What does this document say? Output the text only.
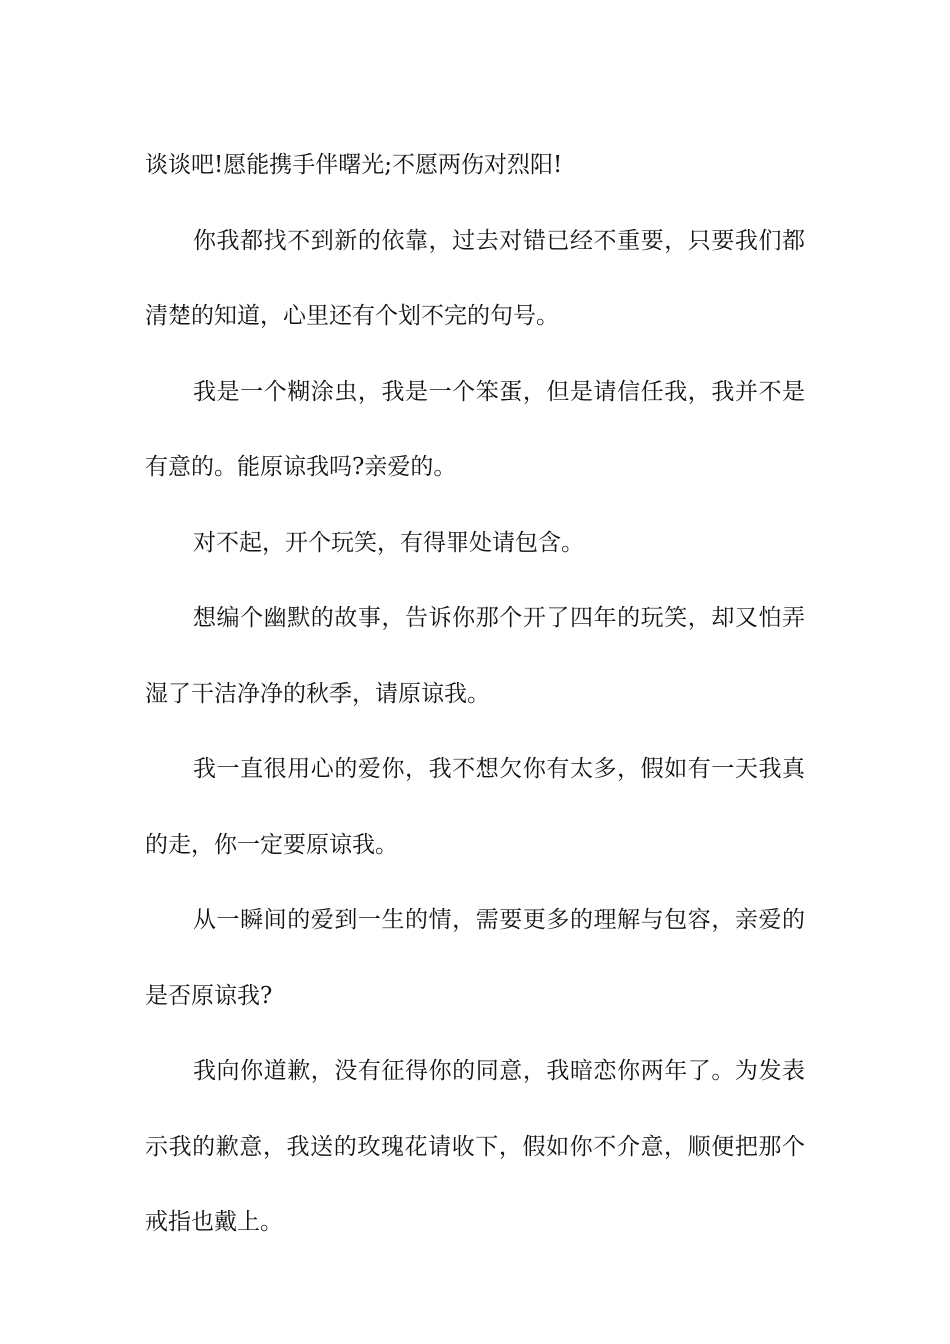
谈谈吧!愿能携手伴曙光;不愿两伤对烈阳!

你我都找不到新的依靠，过去对错已经不重要，只要我们都清楚的知道，心里还有个划不完的句号。

我是一个糊涂虫，我是一个笨蛋，但是请信任我，我并不是有意的。能原谅我吗?亲爱的。

对不起，开个玩笑，有得罪处请包含。

想编个幽默的故事，告诉你那个开了四年的玩笑，却又怕弄湿了干洁净净的秋季，请原谅我。

我一直很用心的爱你，我不想欠你有太多，假如有一天我真的走，你一定要原谅我。

从一瞬间的爱到一生的情，需要更多的理解与包容，亲爱的是否原谅我?

我向你道歉，没有征得你的同意，我暗恋你两年了。为发表示我的歉意，我送的玫瑰花请收下，假如你不介意，顺便把那个戒指也戴上。
